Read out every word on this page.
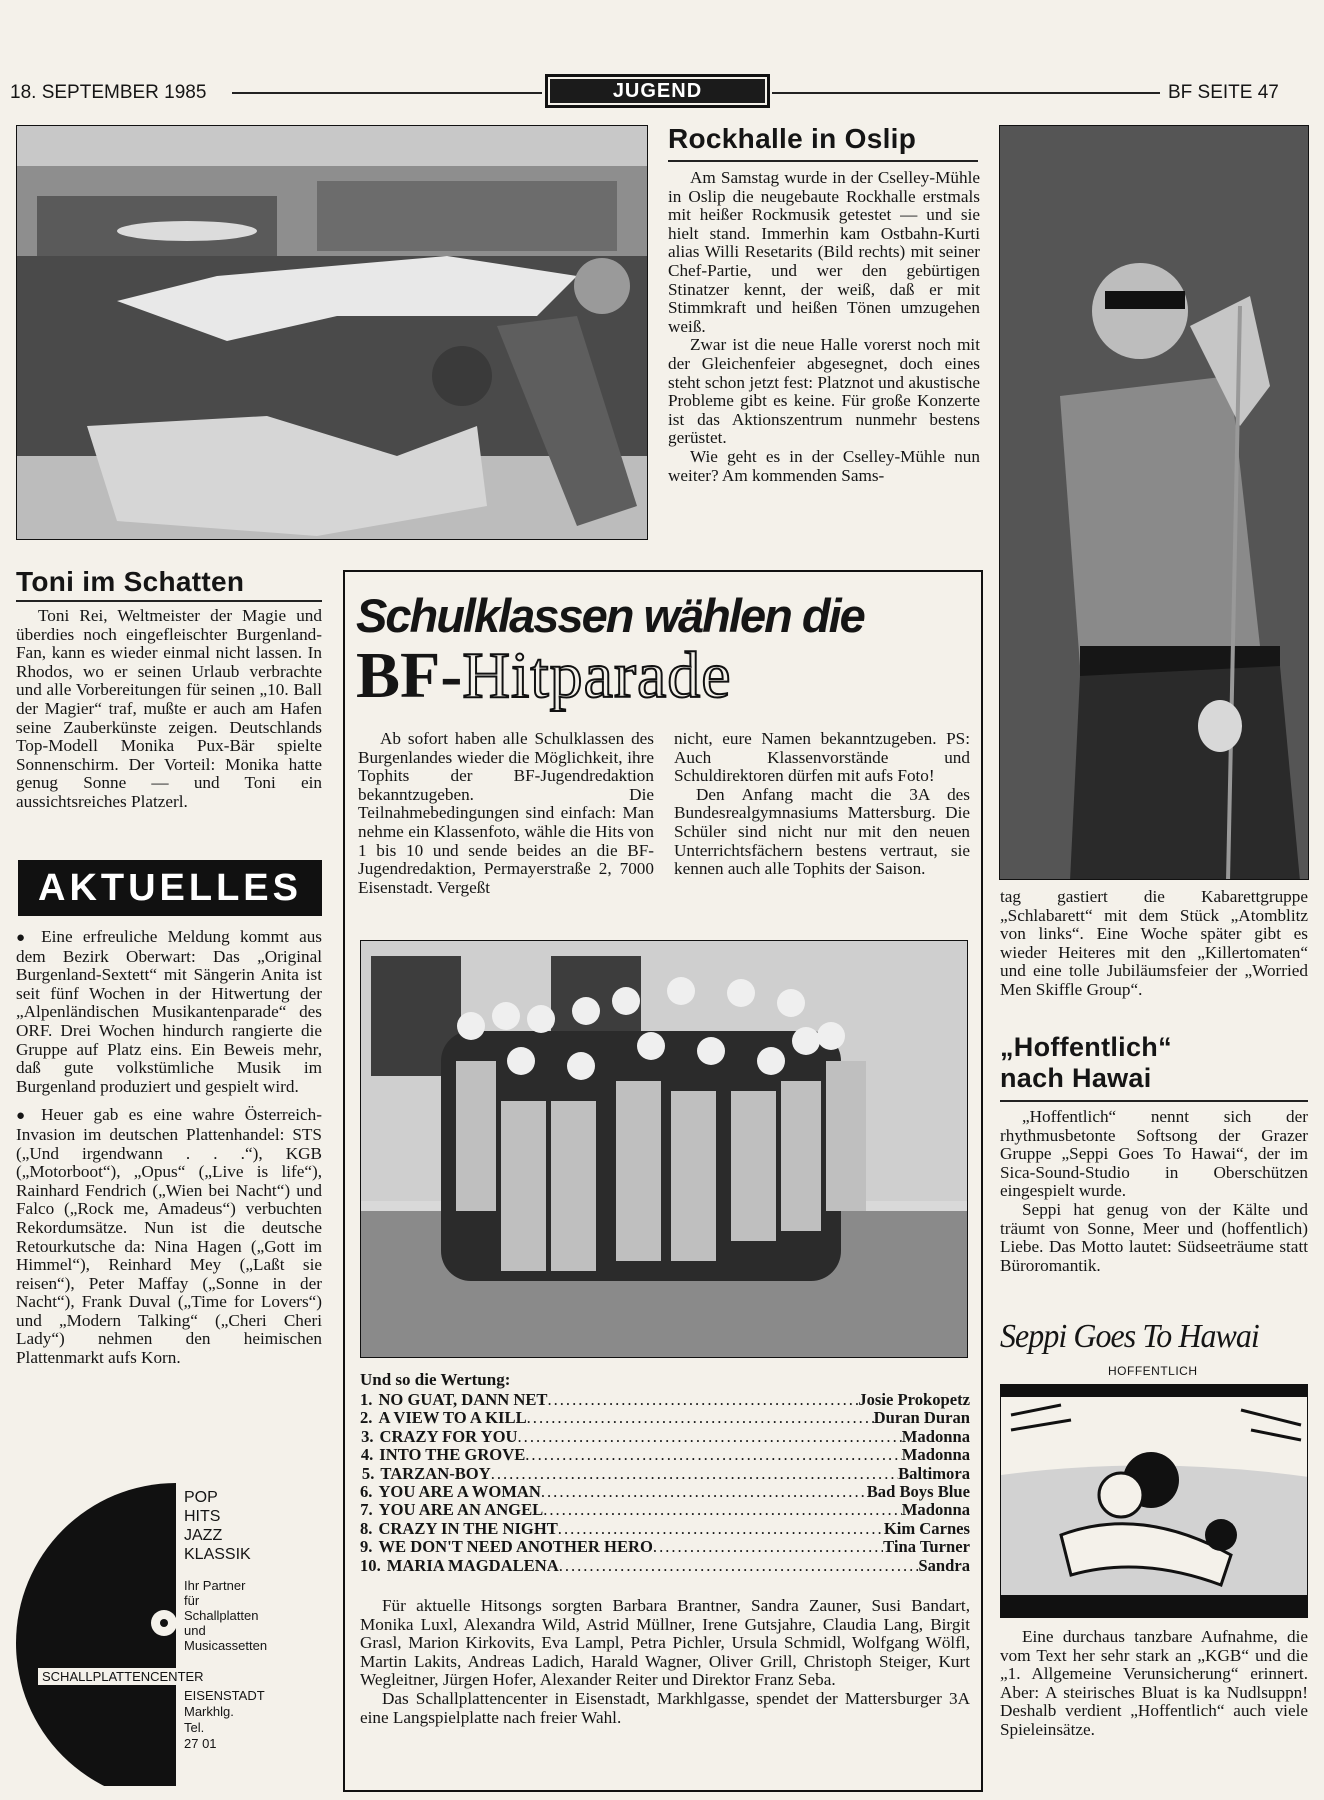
18. SEPTEMBER 1985	JUGEND	BF SEITE 47
Rockhalle in Oslip

Am Samstag wurde in der Cselley-Mühle in Oslip die neugebaute Rockhalle erstmals mit heißer Rockmusik getestet — und sie hielt stand. Immerhin kam Ostbahn-Kurti alias Willi Resetarits (Bild rechts) mit seiner Chef-Partie, und wer den gebürtigen Stinatzer kennt, der weiß, daß er mit Stimmkraft und heißen Tönen umzugehen weiß.

Zwar ist die neue Halle vorerst noch mit der Gleichenfeier abgesegnet, doch eines steht schon jetzt fest: Platznot und akustische Probleme gibt es keine. Für große Konzerte ist das Aktionszentrum nunmehr bestens gerüstet.

Wie geht es in der Cselley-Mühle nun weiter? Am kommenden Sams-

Toni im Schatten

Toni Rei, Weltmeister der Magie und überdies noch eingefleischter Burgenland-Fan, kann es wieder einmal nicht lassen. In Rhodos, wo er seinen Urlaub verbrachte und alle Vorbereitungen für seinen „10. Ball der Magier“ traf, mußte er auch am Hafen seine Zauberkünste zeigen. Deutschlands Top-Modell Monika Pux-Bär spielte Sonnenschirm. Der Vorteil: Monika hatte genug Sonne — und Toni ein aussichtsreiches Platzerl.

AKTUELLES

● Eine erfreuliche Meldung kommt aus dem Bezirk Oberwart: Das „Original Burgenland-Sextett“ mit Sängerin Anita ist seit fünf Wochen in der Hitwertung der „Alpenländischen Musikantenparade“ des ORF. Drei Wochen hindurch rangierte die Gruppe auf Platz eins. Ein Beweis mehr, daß gute volkstümliche Musik im Burgenland produziert und gespielt wird.

● Heuer gab es eine wahre Österreich-Invasion im deutschen Plattenhandel: STS („Und irgendwann . . .“), KGB („Motorboot“), „Opus“ („Live is life“), Rainhard Fendrich („Wien bei Nacht“) und Falco („Rock me, Amadeus“) verbuchten Rekordumsätze. Nun ist die deutsche Retourkutsche da: Nina Hagen („Gott im Himmel“), Reinhard Mey („Laßt sie reisen“), Peter Maffay („Sonne in der Nacht“), Frank Duval („Time for Lovers“) und „Modern Talking“ („Cheri Cheri Lady“) nehmen den heimischen Plattenmarkt aufs Korn.

POP
HITS
JAZZ
KLASSIK
Ihr Partner
für
Schallplatten
und
Musicassetten
SCHALLPLATTENCENTER
EISENSTADT
Markhlg.
Tel.
27 01
Schulklassen wählen die
BF-Hitparade

Ab sofort haben alle Schulklassen des Burgenlandes wieder die Möglichkeit, ihre Tophits der BF-Jugendredaktion bekanntzugeben. Die Teilnahmebedingungen sind einfach: Man nehme ein Klassenfoto, wähle die Hits von 1 bis 10 und sende beides an die BF-Jugendredaktion, Permayerstraße 2, 7000 Eisenstadt. Vergeßt

nicht, eure Namen bekanntzugeben. PS: Auch Klassenvorstände und Schuldirektoren dürfen mit aufs Foto!

Den Anfang macht die 3A des Bundesrealgymnasiums Mattersburg. Die Schüler sind nicht nur mit den neuen Unterrichtsfächern bestens vertraut, sie kennen auch alle Tophits der Saison.

Und so die Wertung:
1. NO GUAT, DANN NET .....	Josie Prokopetz
2. A VIEW TO A KILL .....	Duran Duran
3. CRAZY FOR YOU .....	Madonna
4. INTO THE GROVE .....	Madonna
5. TARZAN-BOY .....	Baltimora
6. YOU ARE A WOMAN .....	Bad Boys Blue
7. YOU ARE AN ANGEL .....	Madonna
8. CRAZY IN THE NIGHT .....	Kim Carnes
9. WE DON'T NEED ANOTHER HERO .....	Tina Turner
10. MARIA MAGDALENA .....	Sandra

Für aktuelle Hitsongs sorgten Barbara Brantner, Sandra Zauner, Susi Bandart, Monika Luxl, Alexandra Wild, Astrid Müllner, Irene Gutsjahre, Claudia Lang, Birgit Grasl, Marion Kirkovits, Eva Lampl, Petra Pichler, Ursula Schmidl, Wolfgang Wölfl, Martin Lakits, Andreas Ladich, Harald Wagner, Oliver Grill, Christoph Steiger, Kurt Wegleitner, Jürgen Hofer, Alexander Reiter und Direktor Franz Seba.

Das Schallplattencenter in Eisenstadt, Markhlgasse, spendet der Mattersburger 3A eine Langspielplatte nach freier Wahl.

tag gastiert die Kabarettgruppe „Schlabarett“ mit dem Stück „Atomblitz von links“. Eine Woche später gibt es wieder Heiteres mit den „Killertomaten“ und eine tolle Jubiläumsfeier der „Worried Men Skiffle Group“.

„Hoffentlich“
nach Hawai

„Hoffentlich“ nennt sich der rhythmusbetonte Softsong der Grazer Gruppe „Seppi Goes To Hawai“, der im Sica-Sound-Studio in Oberschützen eingespielt wurde.

Seppi hat genug von der Kälte und träumt von Sonne, Meer und (hoffentlich) Liebe. Das Motto lautet: Südseeträume statt Büroromantik.

Seppi Goes To Hawai
HOFFENTLICH

Eine durchaus tanzbare Aufnahme, die vom Text her sehr stark an „KGB“ und die „1. Allgemeine Verunsicherung“ erinnert. Aber: A steirisches Bluat is ka Nudlsuppn! Deshalb verdient „Hoffentlich“ auch viele Spieleinsätze.
